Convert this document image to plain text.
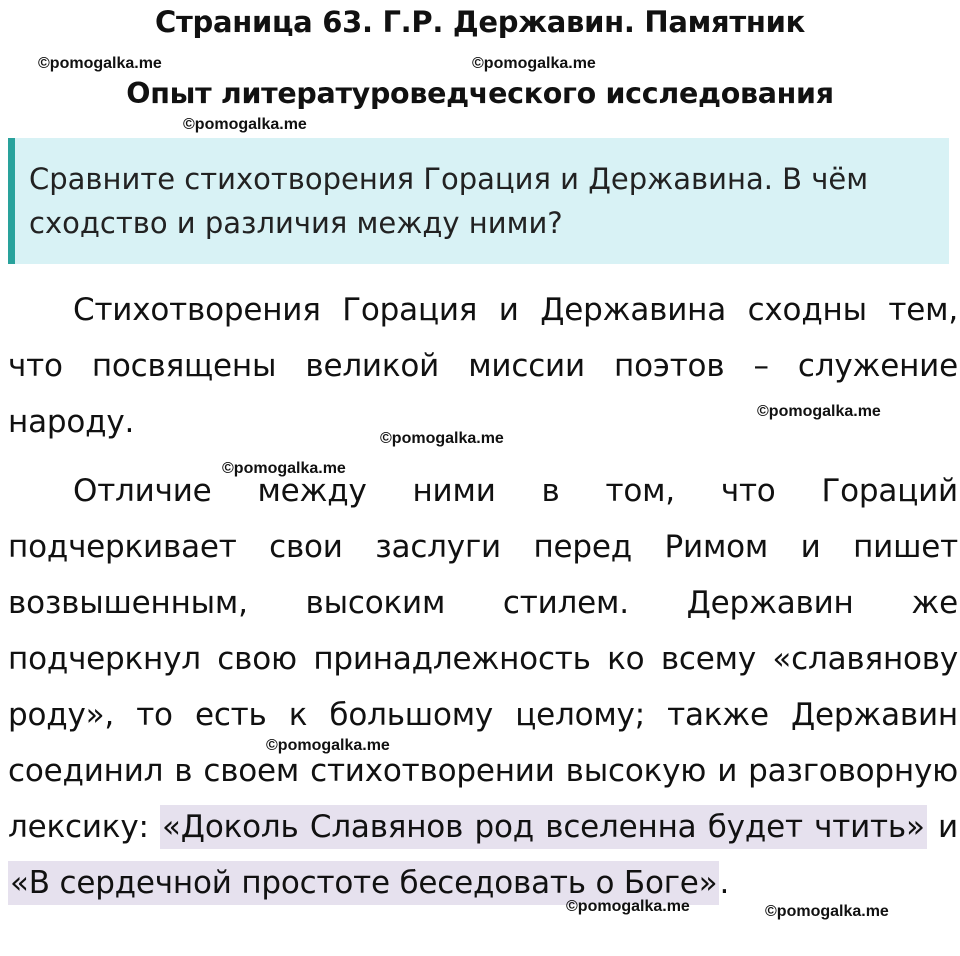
Страница 63. Г.Р. Державин. Памятник
Опыт литературоведческого исследования

Сравните стихотворения Горация и Державина. В чём сходство и различия между ними?

Стихотворения Горация и Державина сходны тем, что посвящены великой миссии поэтов – служение народу.

Отличие между ними в том, что Гораций подчеркивает свои заслуги перед Римом и пишет возвышенным, высоким стилем. Державин же подчеркнул свою принадлежность ко всему «славянову роду», то есть к большому целому; также Державин соединил в своем стихотворении высокую и разговорную лексику: «Доколь Славянов род вселенна будет чтить» и «В сердечной простоте беседовать о Боге».

©pomogalka.me	©pomogalka.me
©pomogalka.me
©pomogalka.me
©pomogalka.me
©pomogalka.me
©pomogalka.me
©pomogalka.me	©pomogalka.me
